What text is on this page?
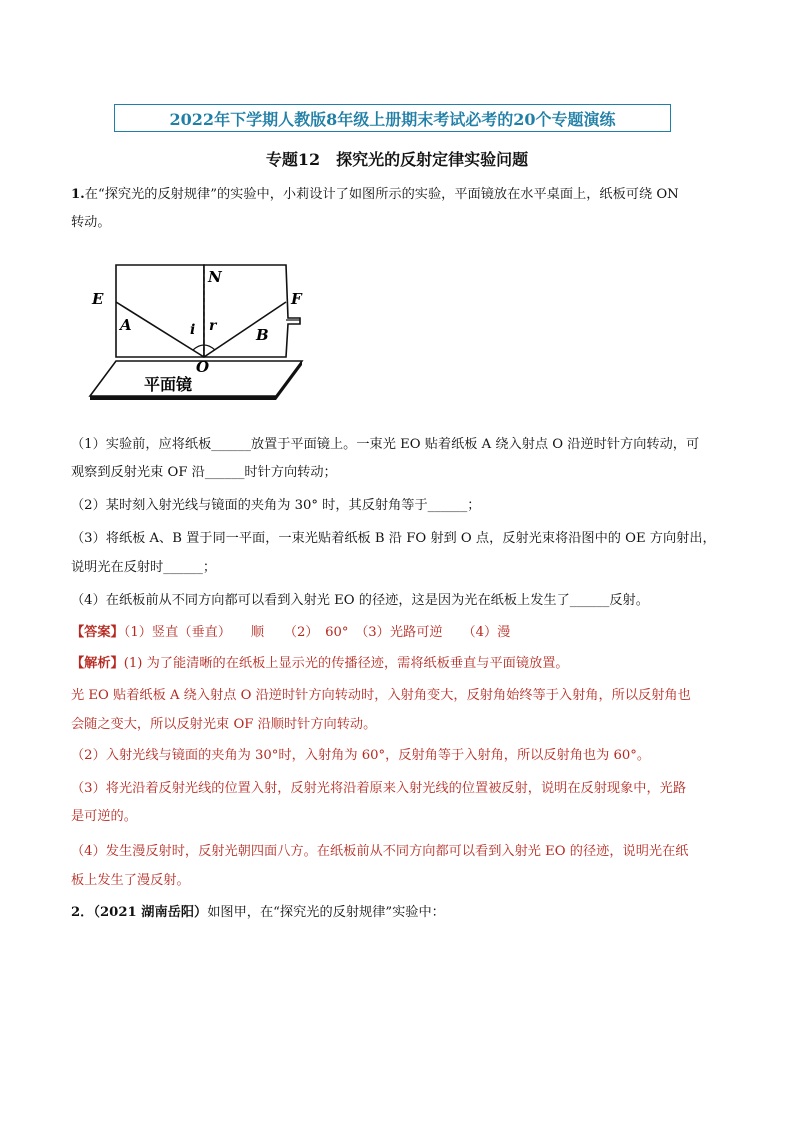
2022年下学期人教版8年级上册期末考试必考的20个专题演练
专题12　探究光的反射定律实验问题
1.在“探究光的反射规律”的实验中，小莉设计了如图所示的实验，平面镜放在水平桌面上，纸板可绕 ON
转动。
N
E	F
A
B
i r
O
平面镜
（1）实验前，应将纸板______放置于平面镜上。一束光 EO 贴着纸板 A 绕入射点 O 沿逆时针方向转动，可
观察到反射光束 OF 沿______时针方向转动；
（2）某时刻入射光线与镜面的夹角为 30° 时，其反射角等于______；
（3）将纸板 A、B 置于同一平面，一束光贴着纸板 B 沿 FO 射到 O 点，反射光束将沿图中的 OE 方向射出，
说明光在反射时______；
（4）在纸板前从不同方向都可以看到入射光 EO 的径迹，这是因为光在纸板上发生了______反射。
【答案】（1）竖直（垂直）　　顺　　（2）　60°　（3）光路可逆　　（4）漫
【解析】(1) 为了能清晰的在纸板上显示光的传播径迹，需将纸板垂直与平面镜放置。
光 EO 贴着纸板 A 绕入射点 O 沿逆时针方向转动时，入射角变大，反射角始终等于入射角，所以反射角也
会随之变大，所以反射光束 OF 沿顺时针方向转动。
（2）入射光线与镜面的夹角为 30°时，入射角为 60°，反射角等于入射角，所以反射角也为 60°。
（3）将光沿着反射光线的位置入射，反射光将沿着原来入射光线的位置被反射，说明在反射现象中，光路
是可逆的。
（4）发生漫反射时，反射光朝四面八方。在纸板前从不同方向都可以看到入射光 EO 的径迹，说明光在纸
板上发生了漫反射。
2．（2021 湖南岳阳）如图甲，在“探究光的反射规律”实验中：
